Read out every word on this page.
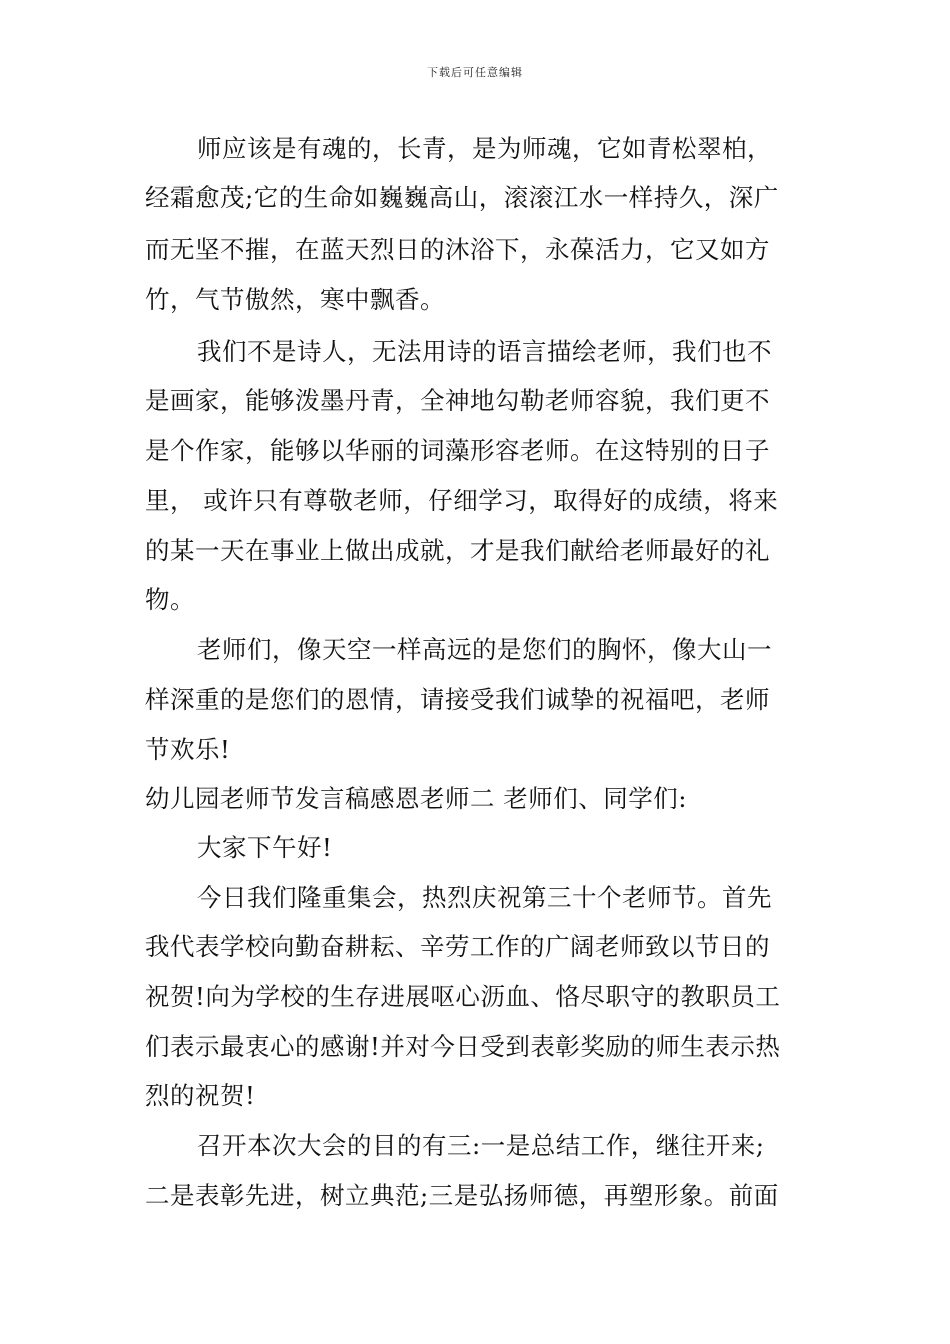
下载后可任意编辑
师应该是有魂的，长青，是为师魂，它如青松翠柏，
经霜愈茂;它的生命如巍巍高山，滚滚江水一样持久，深广
而无坚不摧，在蓝天烈日的沐浴下，永葆活力，它又如方
竹，气节傲然，寒中飘香。
我们不是诗人，无法用诗的语言描绘老师，我们也不
是画家，能够泼墨丹青，全神地勾勒老师容貌，我们更不
是个作家，能够以华丽的词藻形容老师。在这特别的日子
里， 或许只有尊敬老师，仔细学习，取得好的成绩，将来
的某一天在事业上做出成就，才是我们献给老师最好的礼
物。
老师们，像天空一样高远的是您们的胸怀，像大山一
样深重的是您们的恩情，请接受我们诚挚的祝福吧，老师
节欢乐!
幼儿园老师节发言稿感恩老师二 老师们、同学们:
大家下午好!
今日我们隆重集会，热烈庆祝第三十个老师节。首先
我代表学校向勤奋耕耘、辛劳工作的广阔老师致以节日的
祝贺!向为学校的生存进展呕心沥血、恪尽职守的教职员工
们表示最衷心的感谢!并对今日受到表彰奖励的师生表示热
烈的祝贺!
召开本次大会的目的有三:一是总结工作，继往开来;
二是表彰先进，树立典范;三是弘扬师德，再塑形象。前面
